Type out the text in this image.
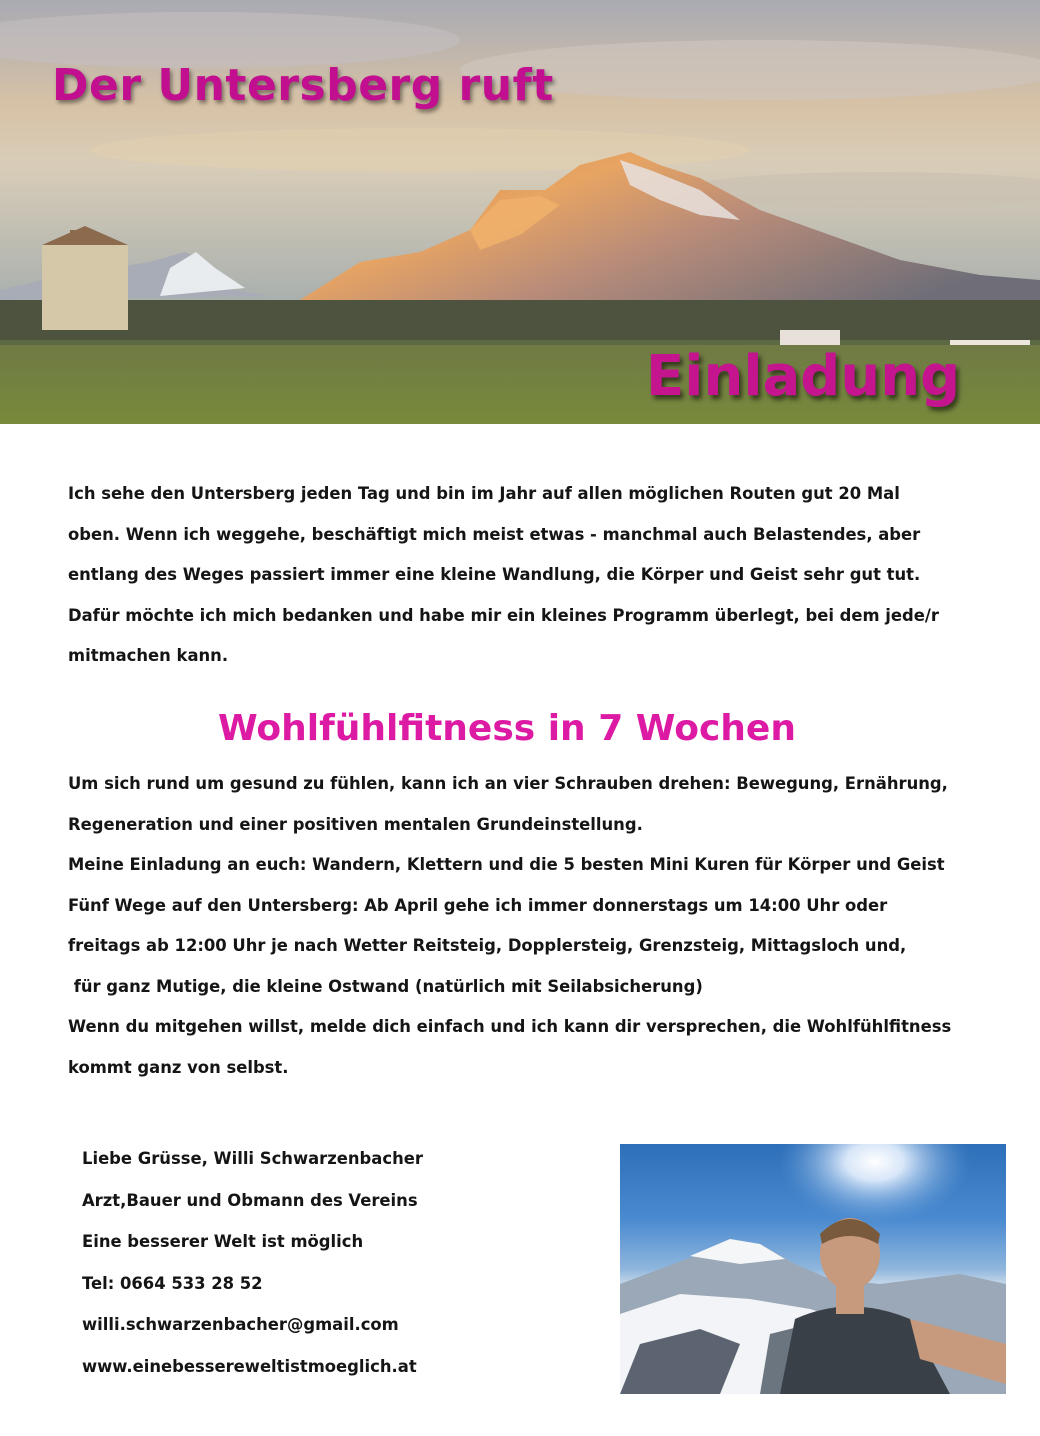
Der Untersberg ruft
Einladung
Ich sehe den Untersberg jeden Tag und bin im Jahr auf allen möglichen Routen gut 20 Mal
oben. Wenn ich weggehe, beschäftigt mich meist etwas - manchmal auch Belastendes, aber
entlang des Weges passiert immer eine kleine Wandlung, die Körper und Geist sehr gut tut.
Dafür möchte ich mich bedanken und habe mir ein kleines Programm überlegt, bei dem jede/r
mitmachen kann.
Wohlfühlfitness in 7 Wochen
Um sich rund um gesund zu fühlen, kann ich an vier Schrauben drehen: Bewegung, Ernährung,
Regeneration und einer positiven mentalen Grundeinstellung.
Meine Einladung an euch: Wandern, Klettern und die 5 besten Mini Kuren für Körper und Geist
Fünf Wege auf den Untersberg: Ab April gehe ich immer donnerstags um 14:00 Uhr oder
freitags ab 12:00 Uhr je nach Wetter Reitsteig, Dopplersteig, Grenzsteig, Mittagsloch und,
für ganz Mutige, die kleine Ostwand (natürlich mit Seilabsicherung)
Wenn du mitgehen willst, melde dich einfach und ich kann dir versprechen, die Wohlfühlfitness
kommt ganz von selbst.
Liebe Grüsse, Willi Schwarzenbacher
Arzt,Bauer und Obmann des Vereins
Eine besserer Welt ist möglich
Tel: 0664 533 28 52
willi.schwarzenbacher@gmail.com
www.einebessereweltistmoeglich.at
